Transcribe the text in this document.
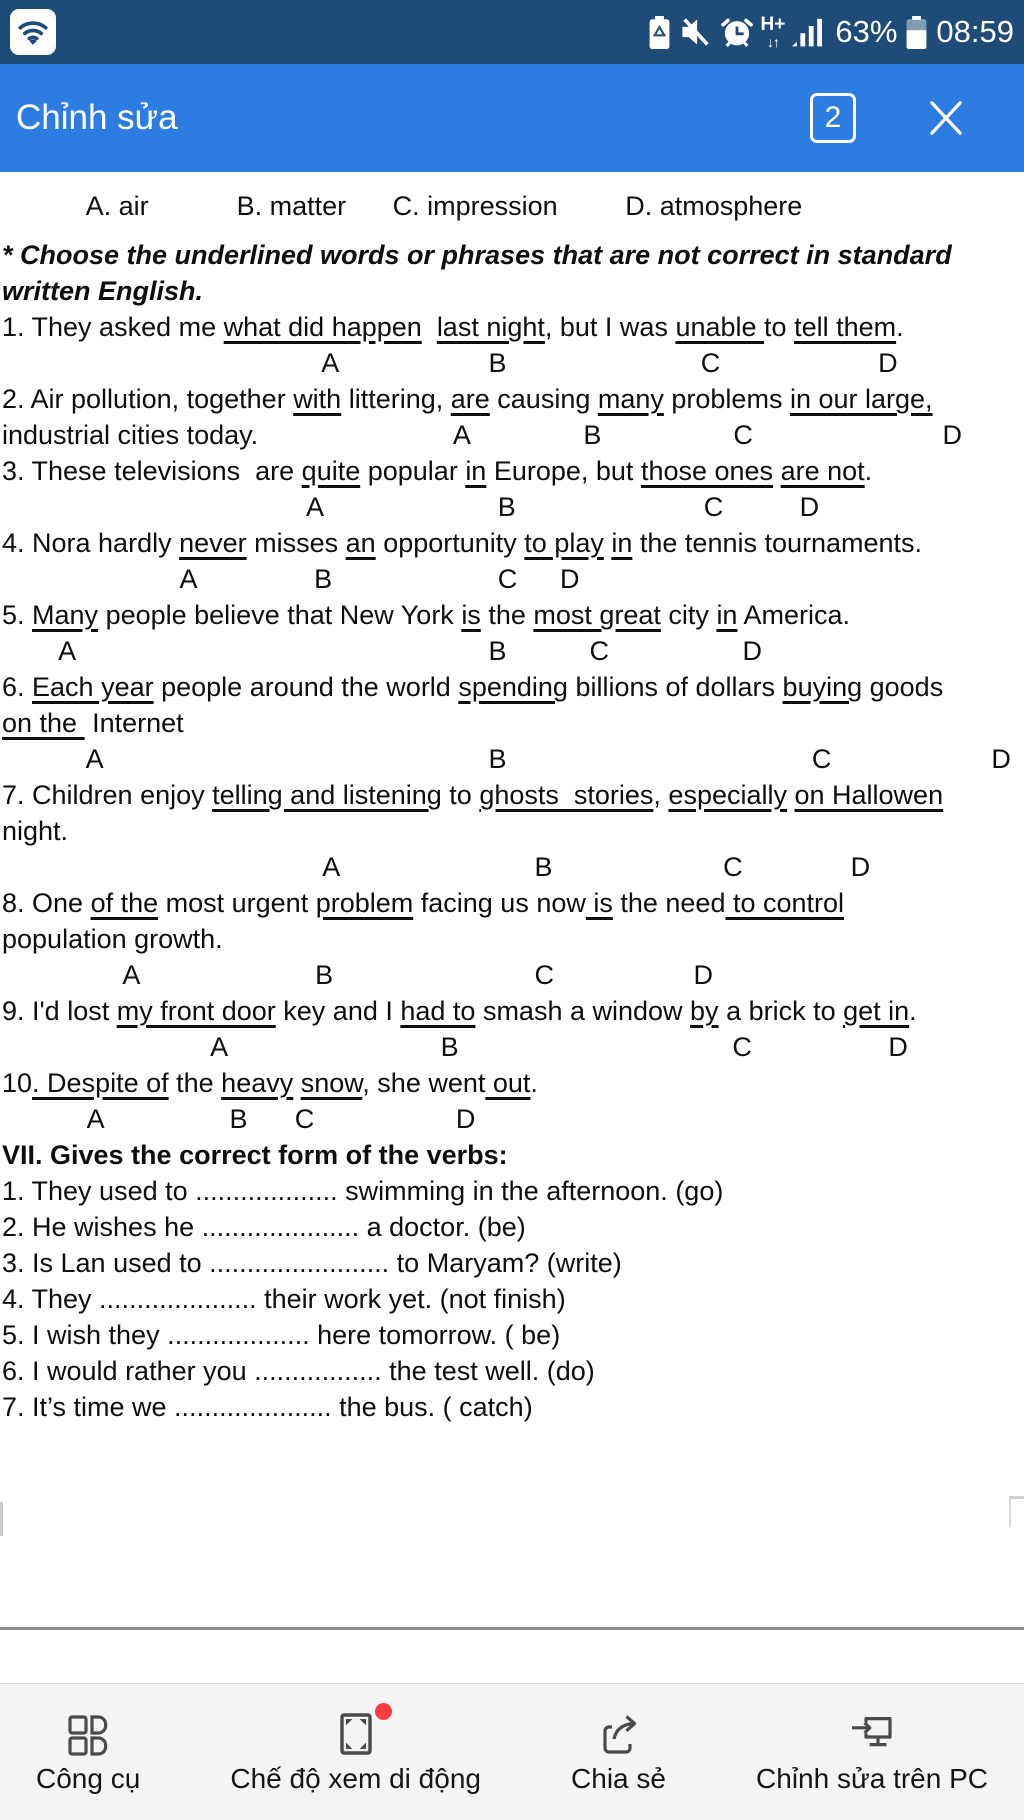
H+
↓↑ 63% 08:59
Chỉnh sửa	2
A. air	B. matter C. impression	D. atmosphere
* Choose the underlined words or phrases that are not correct in standard
written English.
1. They asked me what did happen last night, but I was unable to tell them.
A	B	C	D
2. Air pollution, together with littering, are causing many problems in our large,
industrial cities today.	A	B	C	D
3. These televisions  are quite popular in Europe, but those ones are not.
A	B	C	D
4. Nora hardly never misses an opportunity to play in the tennis tournaments.
A	B	C D
5. Many people believe that New York is the most great city in America.
A	B	C	D
6. Each year people around the world spending billions of dollars buying goods
on the  Internet
A	B	C	D
7. Children enjoy telling and listening to ghosts  stories, especially on Hallowen
night.
A	B	C	D
8. One of the most urgent problem facing us now is the need to control
population growth.
A	B	C	D
9. I'd lost my front door key and I had to smash a window by a brick to get in.
A	B	C	D
10. Despite of the heavy snow, she went out.
A	B C	D
VII. Gives the correct form of the verbs:
1. They used to ................... swimming in the afternoon. (go)
2. He wishes he ..................... a doctor. (be)
3. Is Lan used to ........................ to Maryam? (write)
4. They ..................... their work yet. (not finish)
5. I wish they ................... here tomorrow. ( be)
6. I would rather you ................. the test well. (do)
7. It’s time we ..................... the bus. ( catch)
Công cụ	Chế độ xem di động	Chia sẻ	Chỉnh sửa trên PC
